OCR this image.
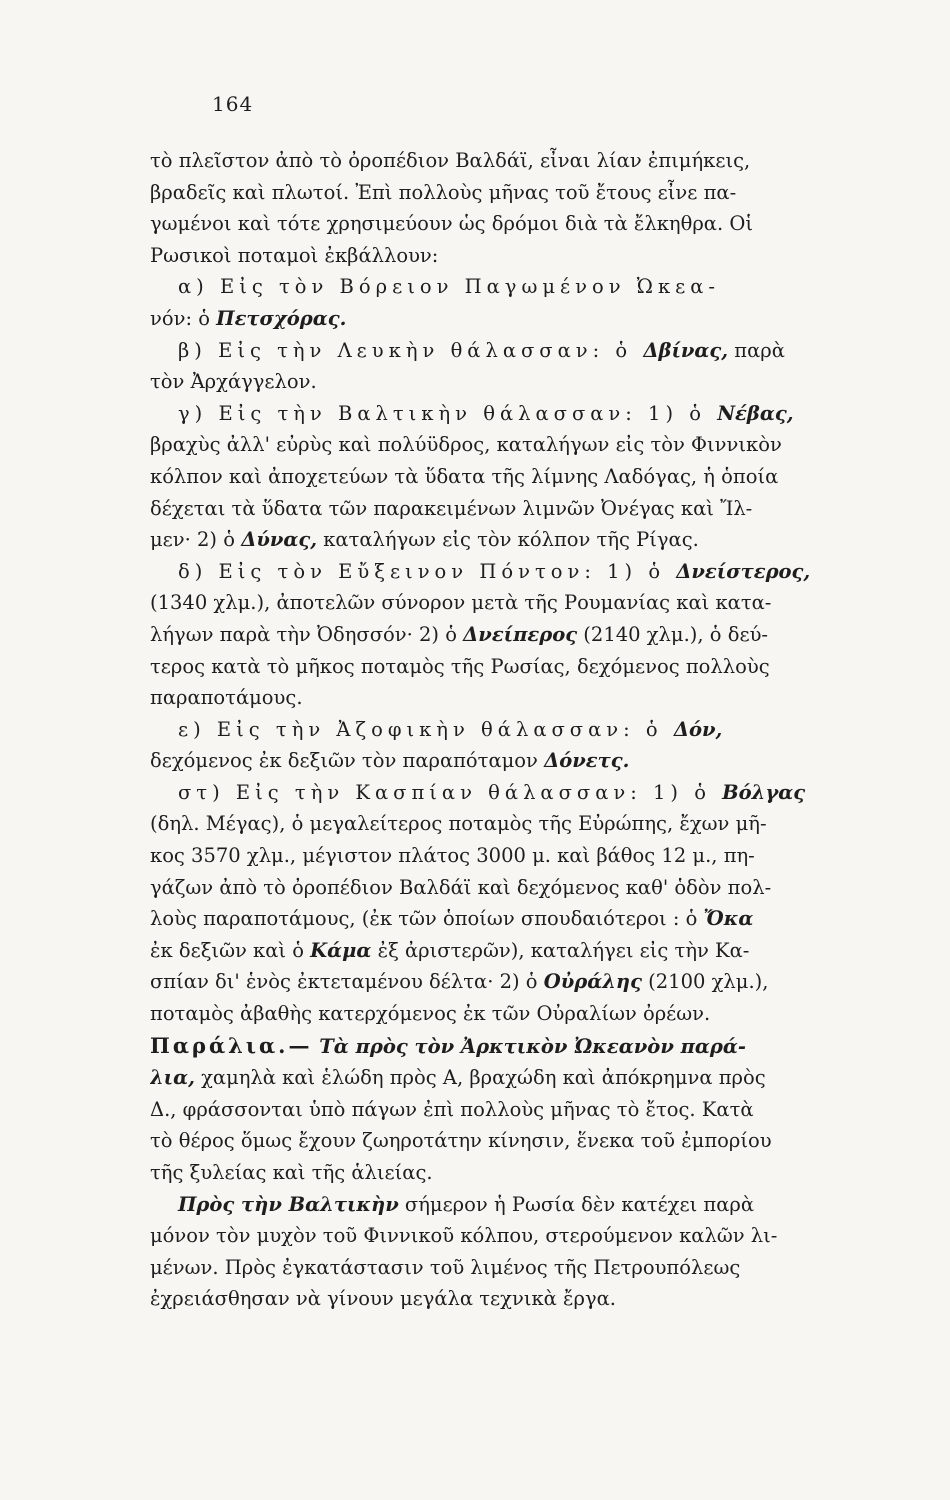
164
τὸ πλεῖστον ἀπὸ τὸ ὀροπέδιον Βαλδάϊ, εἶναι λίαν ἐπιμήκεις,
βραδεῖς καὶ πλωτοί. Ἐπὶ πολλοὺς μῆνας τοῦ ἔτους εἶνε πα-
γωμένοι καὶ τότε χρησιμεύουν ὡς δρόμοι διὰ τὰ ἔλκηθρα. Οἱ
Ρωσικοὶ ποταμοὶ ἐκβάλλουν:
α) Εἰς τὸν Βόρειον Παγωμένον Ὠκεα-
νόν: ὁ Πετσχόρας.
β) Εἰς τὴν Λευκὴν θάλασσαν: ὁ Δβίνας, παρὰ
τὸν Ἀρχάγγελον.
γ) Εἰς τὴν Βαλτικὴν θάλασσαν: 1) ὁ Νέβας,
βραχὺς ἀλλ' εὐρὺς καὶ πολύϋδρος, καταλήγων εἰς τὸν Φιννικὸν
κόλπον καὶ ἀποχετεύων τὰ ὕδατα τῆς λίμνης Λαδόγας, ἡ ὁποία
δέχεται τὰ ὕδατα τῶν παρακειμένων λιμνῶν Ὀνέγας καὶ Ἴλ-
μεν· 2) ὁ Δύνας, καταλήγων εἰς τὸν κόλπον τῆς Ρίγας.
δ) Εἰς τὸν Εὔξεινον Πόντον: 1) ὁ Δνείστερος,
(1340 χλμ.), ἀποτελῶν σύνορον μετὰ τῆς Ρουμανίας καὶ κατα-
λήγων παρὰ τὴν Ὀδησσόν· 2) ὁ Δνείπερος (2140 χλμ.), ὁ δεύ-
τερος κατὰ τὸ μῆκος ποταμὸς τῆς Ρωσίας, δεχόμενος πολλοὺς
παραποτάμους.
ε) Εἰς τὴν Ἀζοφικὴν θάλασσαν: ὁ Δόν,
δεχόμενος ἐκ δεξιῶν τὸν παραπόταμον Δόνετς.
στ) Εἰς τὴν Κασπίαν θάλασσαν: 1) ὁ Βόλγας
(δηλ. Μέγας), ὁ μεγαλείτερος ποταμὸς τῆς Εὐρώπης, ἔχων μῆ-
κος 3570 χλμ., μέγιστον πλάτος 3000 μ. καὶ βάθος 12 μ., πη-
γάζων ἀπὸ τὸ ὀροπέδιον Βαλδάϊ καὶ δεχόμενος καθ' ὁδὸν πολ-
λοὺς παραποτάμους, (ἐκ τῶν ὁποίων σπουδαιότεροι : ὁ Ὄκα
ἐκ δεξιῶν καὶ ὁ Κάμα ἐξ ἀριστερῶν), καταλήγει εἰς τὴν Κα-
σπίαν δι' ἑνὸς ἐκτεταμένου δέλτα· 2) ὁ Οὐράλης (2100 χλμ.),
ποταμὸς ἀβαθὴς κατερχόμενος ἐκ τῶν Οὐραλίων ὀρέων.
Παράλια.— Τὰ πρὸς τὸν Ἀρκτικὸν Ὠκεανὸν παρά-
λια, χαμηλὰ καὶ ἑλώδη πρὸς Α, βραχώδη καὶ ἀπόκρημνα πρὸς
Δ., φράσσονται ὑπὸ πάγων ἐπὶ πολλοὺς μῆνας τὸ ἔτος. Κατὰ
τὸ θέρος ὅμως ἔχουν ζωηροτάτην κίνησιν, ἕνεκα τοῦ ἐμπορίου
τῆς ξυλείας καὶ τῆς ἁλιείας.
Πρὸς τὴν Βαλτικὴν σήμερον ἡ Ρωσία δὲν κατέχει παρὰ
μόνον τὸν μυχὸν τοῦ Φιννικοῦ κόλπου, στερούμενον καλῶν λι-
μένων. Πρὸς ἐγκατάστασιν τοῦ λιμένος τῆς Πετρουπόλεως
ἐχρειάσθησαν νὰ γίνουν μεγάλα τεχνικὰ ἔργα.
